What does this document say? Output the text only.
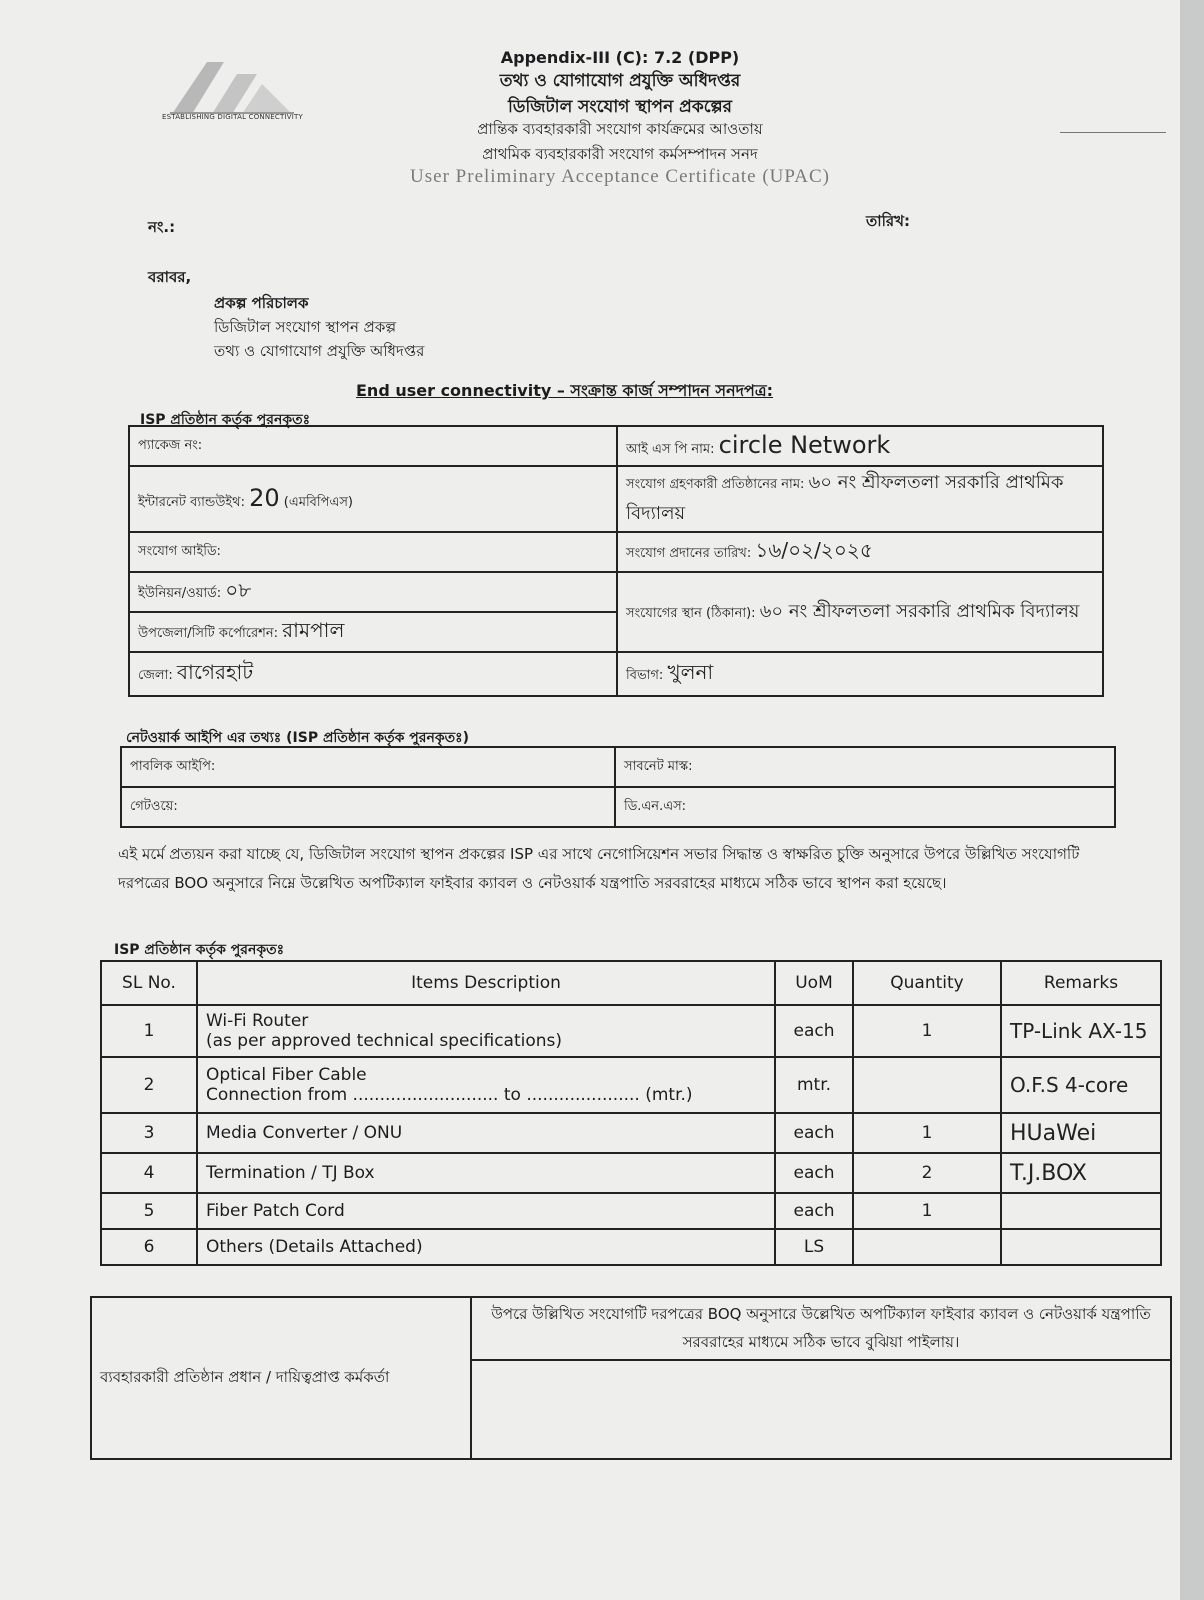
ESTABLISHING DIGITAL CONNECTIVITY
Appendix-III (C): 7.2 (DPP)
তথ্য ও যোগাযোগ প্রযুক্তি অধিদপ্তর
ডিজিটাল সংযোগ স্থাপন প্রকল্পের
প্রান্তিক ব্যবহারকারী সংযোগ কার্যক্রমের আওতায়
প্রাথমিক ব্যবহারকারী সংযোগ কর্মসম্পাদন সনদ
User Preliminary Acceptance Certificate (UPAC)
নং.:	তারিখ:
বরাবর,
প্রকল্প পরিচালক
ডিজিটাল সংযোগ স্থাপন প্রকল্প
তথ্য ও যোগাযোগ প্রযুক্তি অধিদপ্তর
End user connectivity – সংক্রান্ত কার্জ সম্পাদন সনদপত্র:
ISP প্রতিষ্ঠান কর্তৃক পুরনকৃতঃ
প্যাকেজ নং:	আই এস পি নাম: circle Network
ইন্টারনেট ব্যান্ডউইথ: 20 (এমবিপিএস)	সংযোগ গ্রহণকারী প্রতিষ্ঠানের নাম: ৬০ নং শ্রীফলতলা সরকারি প্রাথমিক বিদ্যালয়
সংযোগ আইডি:	সংযোগ প্রদানের তারিখ: ১৬/০২/২০২৫
ইউনিয়ন/ওয়ার্ড: ০৮	সংযোগের স্থান (ঠিকানা): ৬০ নং শ্রীফলতলা সরকারি প্রাথমিক বিদ্যালয়
উপজেলা/সিটি কর্পোরেশন: রামপাল	
জেলা: বাগেরহাট	বিভাগ: খুলনা
নেটওয়ার্ক আইপি এর তথ্যঃ (ISP প্রতিষ্ঠান কর্তৃক পুরনকৃতঃ)
পাবলিক আইপি:	সাবনেট মাস্ক:
গেটওয়ে:	ডি.এন.এস:
এই মর্মে প্রত্যয়ন করা যাচ্ছে যে, ডিজিটাল সংযোগ স্থাপন প্রকল্পের ISP এর সাথে নেগোসিয়েশন সভার সিদ্ধান্ত ও স্বাক্ষরিত চুক্তি অনুসারে উপরে উল্লিখিত সংযোগটি দরপত্রের BOO অনুসারে নিম্নে উল্লেখিত অপটিক্যাল ফাইবার ক্যাবল ও নেটওয়ার্ক যন্ত্রপাতি সরবরাহের মাধ্যমে সঠিক ভাবে স্থাপন করা হয়েছে।
ISP প্রতিষ্ঠান কর্তৃক পুরনকৃতঃ
SL No.	Items Description	UoM	Quantity	Remarks
1	Wi-Fi Router
(as per approved technical specifications)	each	1	TP-Link AX-15
2	Optical Fiber Cable
Connection from ........................... to ..................... (mtr.)	mtr.		O.F.S 4-core
3	Media Converter / ONU	each	1	HUaWei
4	Termination / TJ Box	each	2	T.J.BOX
5	Fiber Patch Cord	each	1	
6	Others (Details Attached)	LS		
ব্যবহারকারী প্রতিষ্ঠান প্রধান / দায়িত্বপ্রাপ্ত কর্মকর্তা	উপরে উল্লিখিত সংযোগটি দরপত্রের BOQ অনুসারে উল্লেখিত অপটিক্যাল ফাইবার ক্যাবল ও নেটওয়ার্ক যন্ত্রপাতি সরবরাহের মাধ্যমে সঠিক ভাবে বুঝিয়া পাইলায়।
